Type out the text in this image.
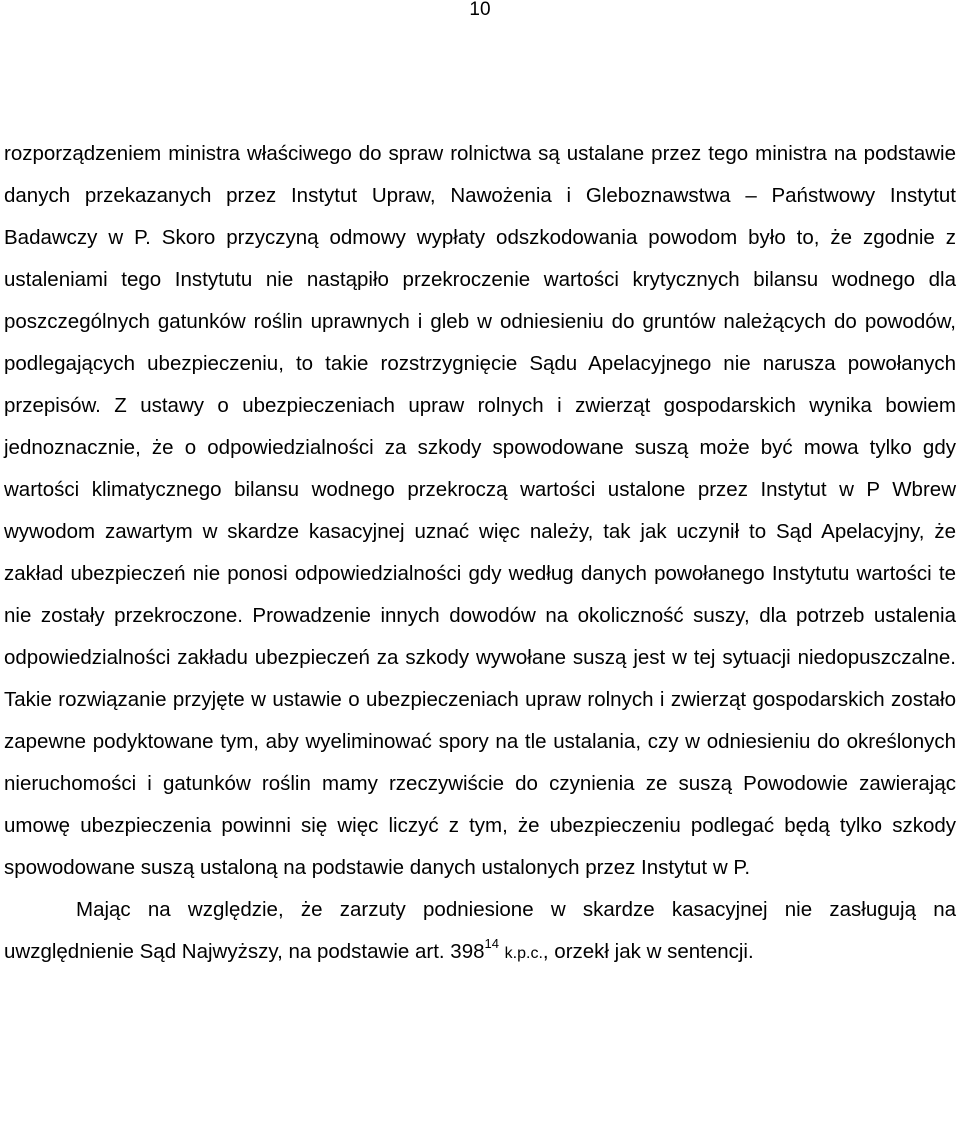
10

rozporządzeniem ministra właściwego do spraw rolnictwa są ustalane przez tego ministra na podstawie danych przekazanych przez Instytut Upraw, Nawożenia i Gleboznawstwa – Państwowy Instytut Badawczy w P. Skoro przyczyną odmowy wypłaty odszkodowania powodom było to, że zgodnie z ustaleniami tego Instytutu nie nastąpiło przekroczenie wartości krytycznych bilansu wodnego dla poszczególnych gatunków roślin uprawnych i gleb w odniesieniu do gruntów należących do powodów, podlegających ubezpieczeniu, to takie rozstrzygnięcie Sądu Apelacyjnego nie narusza powołanych przepisów. Z ustawy o ubezpieczeniach upraw rolnych i zwierząt gospodarskich wynika bowiem jednoznacznie, że o odpowiedzialności za szkody spowodowane suszą może być mowa tylko gdy wartości klimatycznego bilansu wodnego przekroczą wartości ustalone przez Instytut w P Wbrew wywodom zawartym w skardze kasacyjnej uznać więc należy, tak jak uczynił to Sąd Apelacyjny, że zakład ubezpieczeń nie ponosi odpowiedzialności gdy według danych powołanego Instytutu wartości te nie zostały przekroczone. Prowadzenie innych dowodów na okoliczność suszy, dla potrzeb ustalenia odpowiedzialności zakładu ubezpieczeń za szkody wywołane suszą jest w tej sytuacji niedopuszczalne. Takie rozwiązanie przyjęte w ustawie o ubezpieczeniach upraw rolnych i zwierząt gospodarskich zostało zapewne podyktowane tym, aby wyeliminować spory na tle ustalania, czy w odniesieniu do określonych nieruchomości i gatunków roślin mamy rzeczywiście do czynienia ze suszą Powodowie zawierając umowę ubezpieczenia powinni się więc liczyć z tym, że ubezpieczeniu podlegać będą tylko szkody spowodowane suszą ustaloną na podstawie danych ustalonych przez Instytut w P.

Mając na względzie, że zarzuty podniesione w skardze kasacyjnej nie zasługują na uwzględnienie Sąd Najwyższy, na podstawie art. $398^{14}$ k.p.c., orzekł jak w sentencji.
